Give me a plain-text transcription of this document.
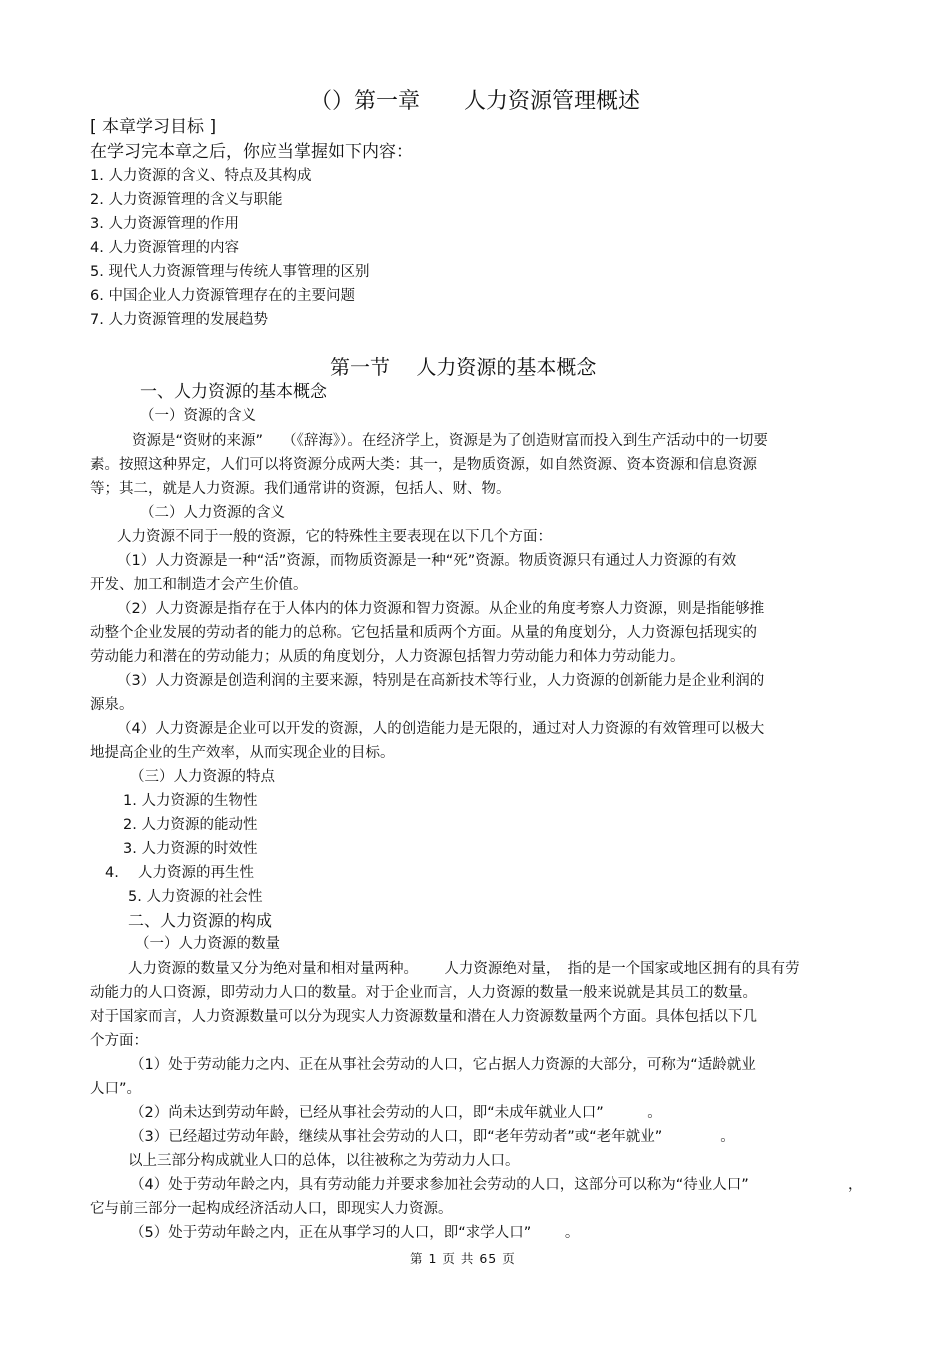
（）第一章　　人力资源管理概述
[ 本章学习目标 ]
在学习完本章之后，你应当掌握如下内容：
1. 人力资源的含义、特点及其构成
2. 人力资源管理的含义与职能
3. 人力资源管理的作用
4. 人力资源管理的内容
5. 现代人力资源管理与传统人事管理的区别
6. 中国企业人力资源管理存在的主要问题
7. 人力资源管理的发展趋势
第一节　 人力资源的基本概念
一、人力资源的基本概念
（一）资源的含义
资源是“资财的来源”　 （《辞海》）。在经济学上，资源是为了创造财富而投入到生产活动中的一切要
素。按照这种界定，人们可以将资源分成两大类：其一，是物质资源，如自然资源、资本资源和信息资源
等；其二，就是人力资源。我们通常讲的资源，包括人、财、物。
（二）人力资源的含义
人力资源不同于一般的资源，它的特殊性主要表现在以下几个方面：
（1）人力资源是一种“活”资源，而物质资源是一种“死”资源。物质资源只有通过人力资源的有效
开发、加工和制造才会产生价值。
（2）人力资源是指存在于人体内的体力资源和智力资源。从企业的角度考察人力资源，则是指能够推
动整个企业发展的劳动者的能力的总称。它包括量和质两个方面。从量的角度划分，人力资源包括现实的
劳动能力和潜在的劳动能力；从质的角度划分，人力资源包括智力劳动能力和体力劳动能力。
（3）人力资源是创造利润的主要来源，特别是在高新技术等行业，人力资源的创新能力是企业利润的
源泉。
（4）人力资源是企业可以开发的资源，人的创造能力是无限的，通过对人力资源的有效管理可以极大
地提高企业的生产效率，从而实现企业的目标。
（三）人力资源的特点
1. 人力资源的生物性
2. 人力资源的能动性
3. 人力资源的时效性
4.　 人力资源的再生性
5. 人力资源的社会性
二、人力资源的构成
（一）人力资源的数量
人力资源的数量又分为绝对量和相对量两种。　　 人力资源绝对量，　指的是一个国家或地区拥有的具有劳
动能力的人口资源，即劳动力人口的数量。对于企业而言，人力资源的数量一般来说就是其员工的数量。
对于国家而言，人力资源数量可以分为现实人力资源数量和潜在人力资源数量两个方面。具体包括以下几
个方面：
（1）处于劳动能力之内、正在从事社会劳动的人口，它占据人力资源的大部分，可称为“适龄就业
人口”。
（2）尚未达到劳动年龄，已经从事社会劳动的人口，即“未成年就业人口”　　　。
（3）已经超过劳动年龄，继续从事社会劳动的人口，即“老年劳动者”或“老年就业”　　　　。
以上三部分构成就业人口的总体，以往被称之为劳动力人口。
（4）处于劳动年龄之内，具有劳动能力并要求参加社会劳动的人口，这部分可以称为“待业人口”	，
它与前三部分一起构成经济活动人口，即现实人力资源。
（5）处于劳动年龄之内，正在从事学习的人口，即“求学人口”　　 。
第 1 页 共 65 页
